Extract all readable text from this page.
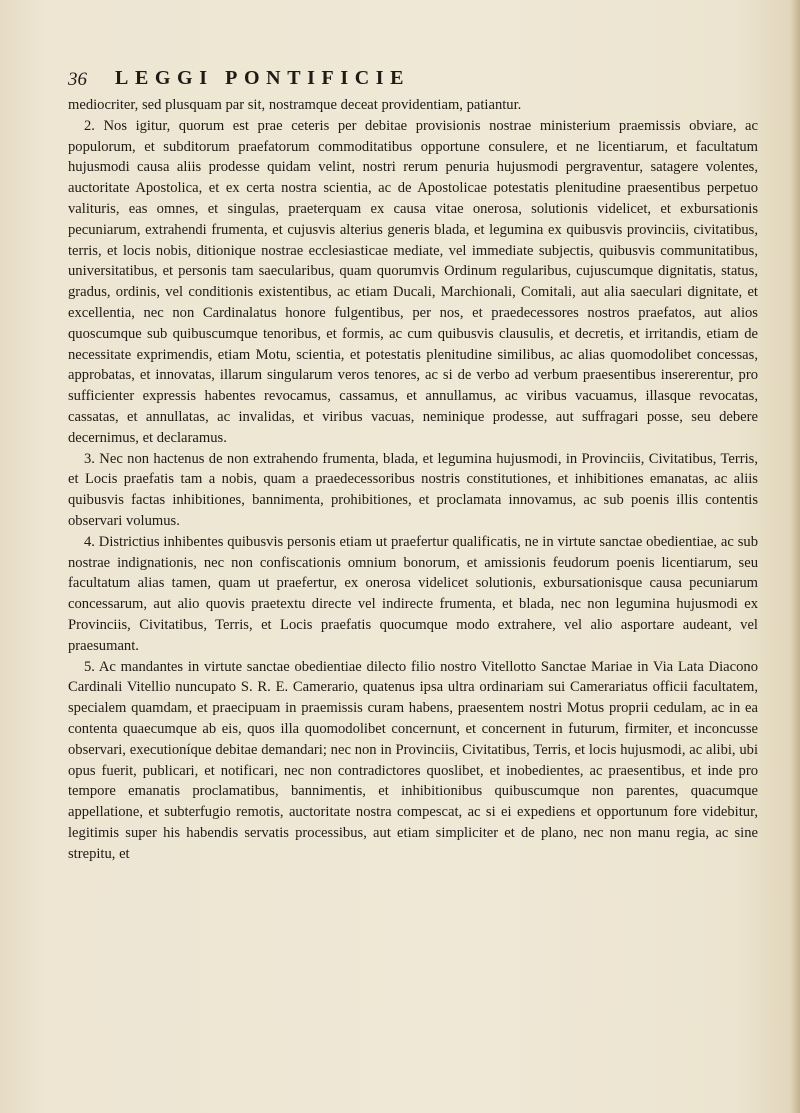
36 LEGGI PONTIFICIE

mediocriter, sed plusquam par sit, nostramque deceat providentiam, patiantur.

2. Nos igitur, quorum est prae ceteris per debitae provisionis nostrae ministerium praemissis obviare, ac populorum, et subditorum praefatorum commoditatibus opportune consulere, et ne licentiarum, et facultatum hujusmodi causa aliis prodesse quidam velint, nostri rerum penuria hujusmodi pergraventur, satagere volentes, auctoritate Apostolica, et ex certa nostra scientia, ac de Apostolicae potestatis plenitudine praesentibus perpetuo valituris, eas omnes, et singulas, praeterquam ex causa vitae onerosa, solutionis videlicet, et exbursationis pecuniarum, extrahendi frumenta, et cujusvis alterius generis blada, et legumina ex quibusvis provinciis, civitatibus, terris, et locis nobis, ditionique nostrae ecclesiasticae mediate, vel immediate subjectis, quibusvis communitatibus, universitatibus, et personis tam saecularibus, quam quorumvis Ordinum regularibus, cujuscumque dignitatis, status, gradus, ordinis, vel conditionis existentibus, ac etiam Ducali, Marchionali, Comitali, aut alia saeculari dignitate, et excellentia, nec non Cardinalatus honore fulgentibus, per nos, et praedecessores nostros praefatos, aut alios quoscumque sub quibuscumque tenoribus, et formis, ac cum quibusvis clausulis, et decretis, et irritandis, etiam de necessitate exprimendis, etiam Motu, scientia, et potestatis plenitudine similibus, ac alias quomodolibet concessas, approbatas, et innovatas, illarum singularum veros tenores, ac si de verbo ad verbum praesentibus insererentur, pro sufficienter expressis habentes revocamus, cassamus, et annullamus, ac viribus vacuamus, illasque revocatas, cassatas, et annullatas, ac invalidas, et viribus vacuas, neminique prodesse, aut suffragari posse, seu debere decernimus, et declaramus.

3. Nec non hactenus de non extrahendo frumenta, blada, et legumina hujusmodi, in Provinciis, Civitatibus, Terris, et Locis praefatis tam a nobis, quam a praedecessoribus nostris constitutiones, et inhibitiones emanatas, ac aliis quibusvis factas inhibitiones, bannimenta, prohibitiones, et proclamata innovamus, ac sub poenis illis contentis observari volumus.

4. Districtius inhibentes quibusvis personis etiam ut praefertur qualificatis, ne in virtute sanctae obedientiae, ac sub nostrae indignationis, nec non confiscationis omnium bonorum, et amissionis feudorum poenis licentiarum, seu facultatum alias tamen, quam ut praefertur, ex onerosa videlicet solutionis, exbursationisque causa pecuniarum concessarum, aut alio quovis praetextu directe vel indirecte frumenta, et blada, nec non legumina hujusmodi ex Provinciis, Civitatibus, Terris, et Locis praefatis quocumque modo extrahere, vel alio asportare audeant, vel praesumant.

5. Ac mandantes in virtute sanctae obedientiae dilecto filio nostro Vitellotto Sanctae Mariae in Via Lata Diacono Cardinali Vitellio nuncupato S. R. E. Camerario, quatenus ipsa ultra ordinariam sui Camerariatus officii facultatem, specialem quamdam, et praecipuam in praemissis curam habens, praesentem nostri Motus proprii cedulam, ac in ea contenta quaecumque ab eis, quos illa quomodolibet concernunt, et concernent in futurum, firmiter, et inconcusse observari, executioníque debitae demandari; nec non in Provinciis, Civitatibus, Terris, et locis hujusmodi, ac alibi, ubi opus fuerit, publicari, et notificari, nec non contradictores quoslibet, et inobedientes, ac praesentibus, et inde pro tempore emanatis proclamatibus, bannimentis, et inhibitionibus quibuscumque non parentes, quacumque appellatione, et subterfugio remotis, auctoritate nostra compescat, ac si ei expediens et opportunum fore videbitur, legitimis super his habendis servatis processibus, aut etiam simpliciter et de plano, nec non manu regia, ac sine strepitu, et
